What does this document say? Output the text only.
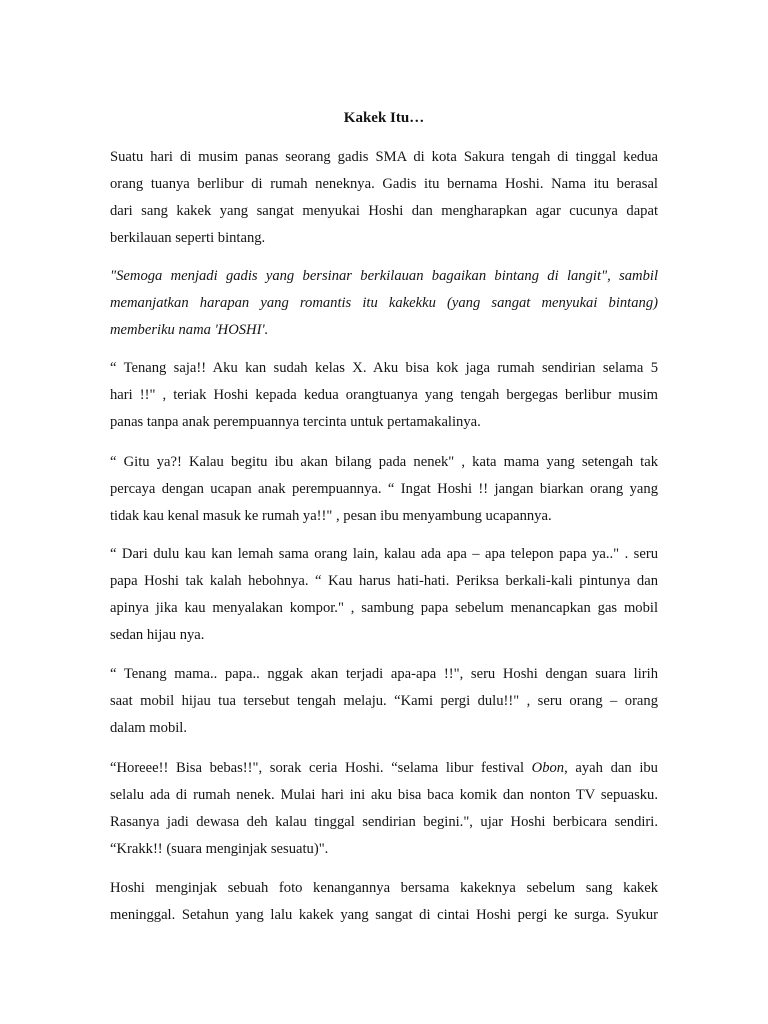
Kakek Itu…
Suatu hari di musim panas seorang gadis SMA di kota Sakura tengah di tinggal kedua
orang tuanya berlibur di rumah neneknya. Gadis itu bernama Hoshi. Nama itu berasal
dari sang kakek yang sangat menyukai Hoshi dan mengharapkan agar cucunya dapat
berkilauan seperti bintang.
"Semoga menjadi gadis yang bersinar berkilauan bagaikan bintang di langit", sambil
memanjatkan harapan yang romantis itu kakekku (yang sangat menyukai bintang)
memberiku nama 'HOSHI'.
“ Tenang saja!! Aku kan sudah kelas X. Aku bisa kok jaga rumah sendirian selama 5
hari !!" , teriak Hoshi kepada kedua orangtuanya yang tengah bergegas berlibur musim
panas tanpa anak perempuannya tercinta untuk pertamakalinya.
“ Gitu ya?! Kalau begitu ibu akan bilang pada nenek" , kata mama yang setengah tak
percaya dengan ucapan anak perempuannya. “ Ingat Hoshi !! jangan biarkan orang yang
tidak kau kenal masuk ke rumah ya!!" , pesan ibu menyambung ucapannya.
“ Dari dulu kau kan lemah sama orang lain, kalau ada apa – apa telepon papa ya.." . seru
papa Hoshi tak kalah hebohnya. “ Kau harus hati-hati. Periksa berkali-kali pintunya dan
apinya jika kau menyalakan kompor." , sambung papa sebelum menancapkan gas mobil
sedan hijau nya.
“ Tenang mama.. papa.. nggak akan terjadi apa-apa !!", seru Hoshi dengan suara lirih
saat mobil hijau tua tersebut tengah melaju. “Kami pergi dulu!!" , seru orang – orang
dalam mobil.
“Horeee!! Bisa bebas!!", sorak ceria Hoshi. “selama libur festival Obon, ayah dan ibu
selalu ada di rumah nenek. Mulai hari ini aku bisa baca komik dan nonton TV sepuasku.
Rasanya jadi dewasa deh kalau tinggal sendirian begini.", ujar Hoshi berbicara sendiri.
“Krakk!! (suara menginjak sesuatu)".
Hoshi menginjak sebuah foto kenangannya bersama kakeknya sebelum sang kakek
meninggal. Setahun yang lalu kakek yang sangat di cintai Hoshi pergi ke surga. Syukur
